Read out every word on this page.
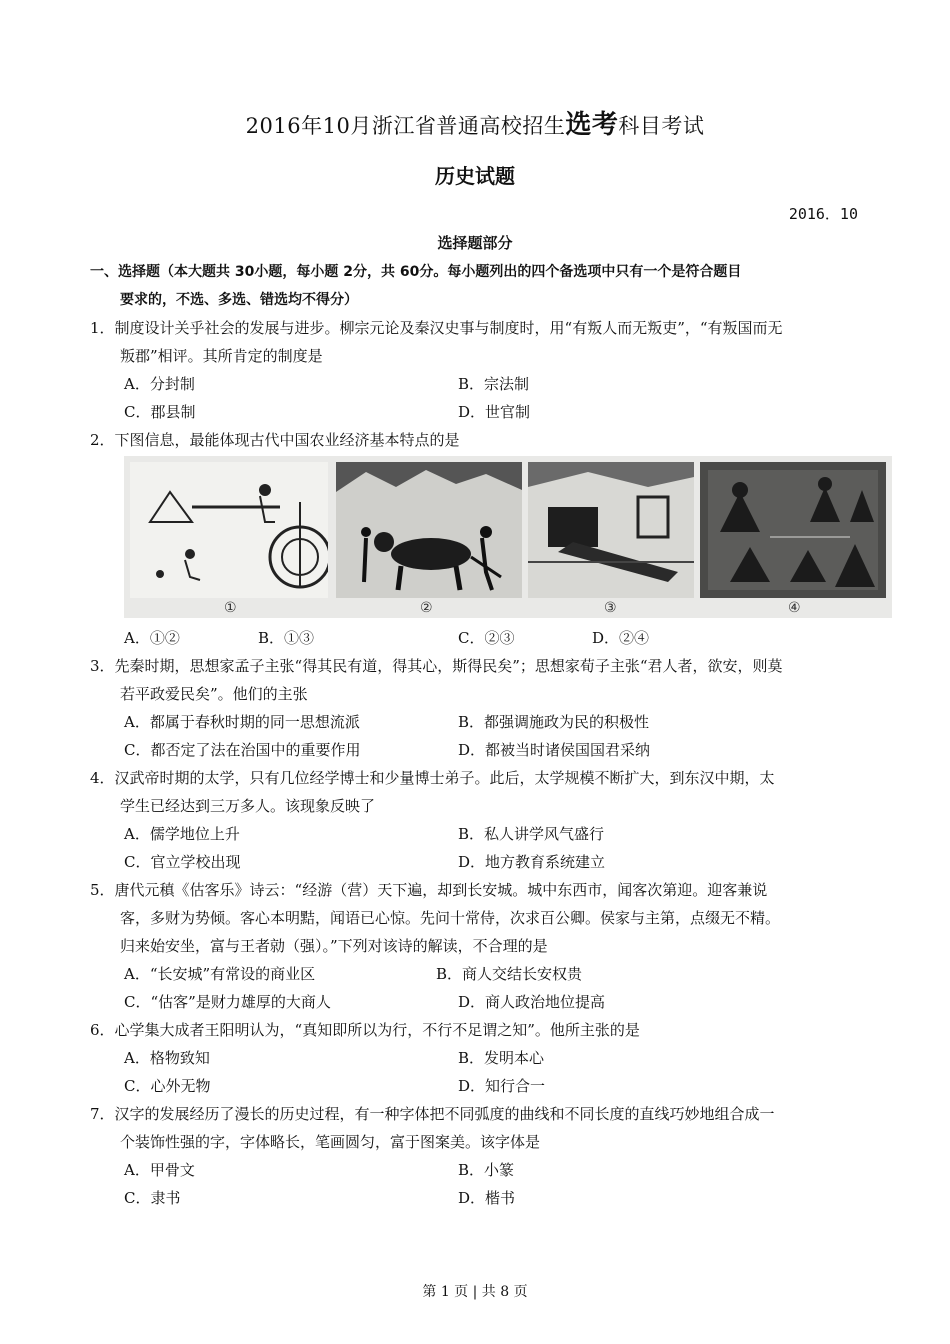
2016年10月浙江省普通高校招生选考科目考试
历史试题
2016．10
选择题部分
一、选择题（本大题共 30小题，每小题 2分，共 60分。每小题列出的四个备选项中只有一个是符合题目
要求的，不选、多选、错选均不得分）
1．制度设计关乎社会的发展与进步。柳宗元论及秦汉史事与制度时，用“有叛人而无叛吏”，“有叛国而无
叛郡”相评。其所肯定的制度是
A．分封制	B．宗法制
C．郡县制	D．世官制
2．下图信息，最能体现古代中国农业经济基本特点的是
①	②	③	④
A．①②	B．①③	C．②③	D．②④
3．先秦时期，思想家孟子主张“得其民有道，得其心，斯得民矣”；思想家荀子主张“君人者，欲安，则莫
若平政爱民矣”。他们的主张
A．都属于春秋时期的同一思想流派	B．都强调施政为民的积极性
C．都否定了法在治国中的重要作用	D．都被当时诸侯国国君采纳
4．汉武帝时期的太学，只有几位经学博士和少量博士弟子。此后，太学规模不断扩大，到东汉中期，太
学生已经达到三万多人。该现象反映了
A．儒学地位上升	B．私人讲学风气盛行
C．官立学校出现	D．地方教育系统建立
5．唐代元稹《估客乐》诗云：“经游（营）天下遍，却到长安城。城中东西市，闻客次第迎。迎客兼说
客，多财为势倾。客心本明黠，闻语已心惊。先问十常侍，次求百公卿。侯家与主第，点缀无不精。
归来始安坐，富与王者勍（强）。”下列对该诗的解读，不合理的是
A．“长安城”有常设的商业区	B．商人交结长安权贵
C．“估客”是财力雄厚的大商人	D．商人政治地位提高
6．心学集大成者王阳明认为，“真知即所以为行，不行不足谓之知”。他所主张的是
A．格物致知	B．发明本心
C．心外无物	D．知行合一
7．汉字的发展经历了漫长的历史过程，有一种字体把不同弧度的曲线和不同长度的直线巧妙地组合成一
个装饰性强的字，字体略长，笔画圆匀，富于图案美。该字体是
A．甲骨文	B．小篆
C．隶书	D．楷书
第 1 页 | 共 8 页
